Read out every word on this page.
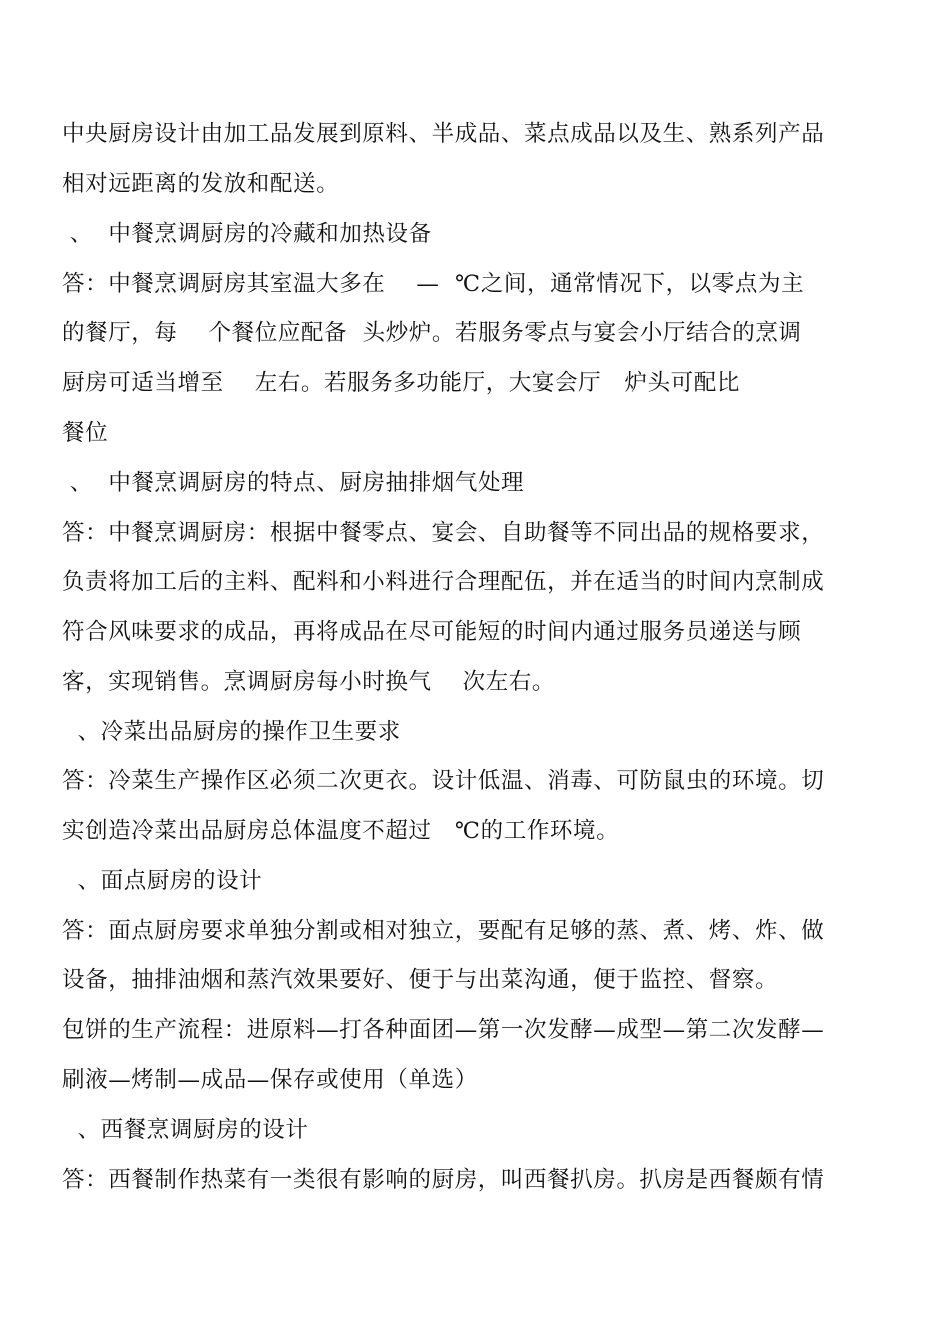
中央厨房设计由加工品发展到原料、半成品、菜点成品以及生、熟系列产品
相对远距离的发放和配送。
、  中餐烹调厨房的冷藏和加热设备
答：中餐烹调厨房其室温大多在    —  ℃之间，通常情况下，以零点为主
的餐厅，每    个餐位应配备  头炒炉。若服务零点与宴会小厅结合的烹调
厨房可适当增至    左右。若服务多功能厅，大宴会厅   炉头可配比
餐位
、  中餐烹调厨房的特点、厨房抽排烟气处理
答：中餐烹调厨房：根据中餐零点、宴会、自助餐等不同出品的规格要求，
负责将加工后的主料、配料和小料进行合理配伍，并在适当的时间内烹制成
符合风味要求的成品，再将成品在尽可能短的时间内通过服务员递送与顾
客，实现销售。烹调厨房每小时换气    次左右。
、冷菜出品厨房的操作卫生要求
答：冷菜生产操作区必须二次更衣。设计低温、消毒、可防鼠虫的环境。切
实创造冷菜出品厨房总体温度不超过   ℃的工作环境。
、面点厨房的设计
答：面点厨房要求单独分割或相对独立，要配有足够的蒸、煮、烤、炸、做
设备，抽排油烟和蒸汽效果要好、便于与出菜沟通，便于监控、督察。
包饼的生产流程：进原料—打各种面团—第一次发酵—成型—第二次发酵—
刷液—烤制—成品—保存或使用（单选）
、西餐烹调厨房的设计
答：西餐制作热菜有一类很有影响的厨房，叫西餐扒房。扒房是西餐颇有情
